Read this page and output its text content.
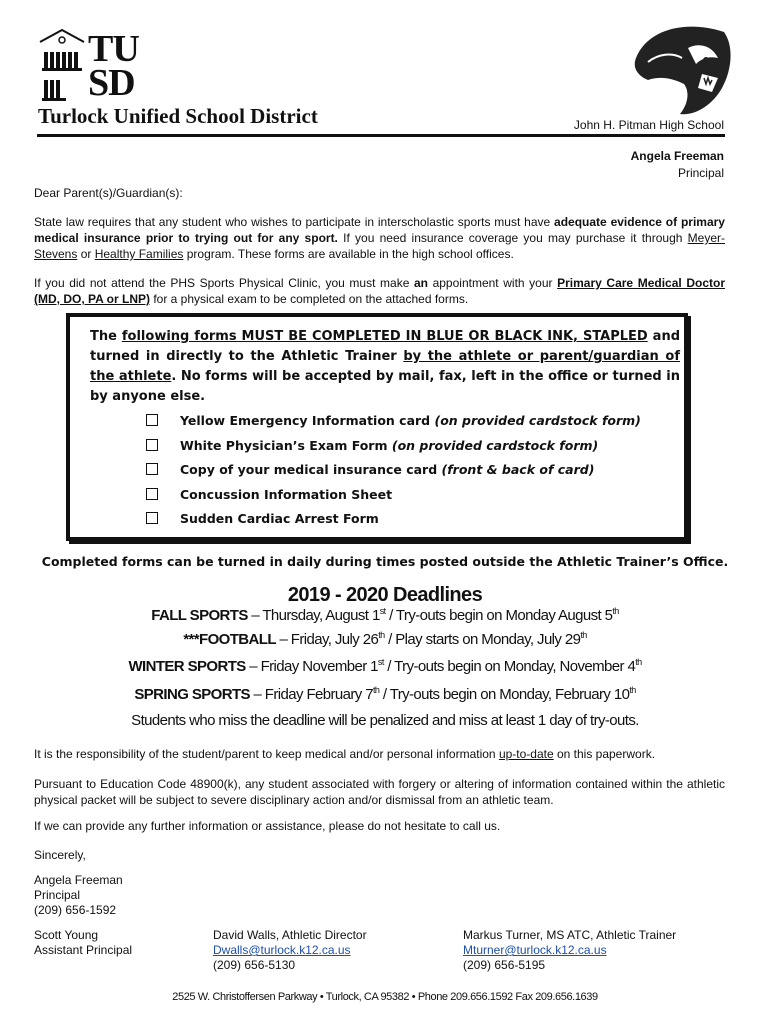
TU
SD
Turlock Unified School District	John H. Pitman High School
Angela Freeman
Principal
Dear Parent(s)/Guardian(s):
State law requires that any student who wishes to participate in interscholastic sports must have adequate evidence of primary medical insurance prior to trying out for any sport. If you need insurance coverage you may purchase it through Meyer-Stevens or Healthy Families program. These forms are available in the high school offices.
If you did not attend the PHS Sports Physical Clinic, you must make an appointment with your Primary Care Medical Doctor (MD, DO, PA or LNP) for a physical exam to be completed on the attached forms.
The following forms MUST BE COMPLETED IN BLUE OR BLACK INK, STAPLED and turned in directly to the Athletic Trainer by the athlete or parent/guardian of the athlete. No forms will be accepted by mail, fax, left in the office or turned in by anyone else.
Yellow Emergency Information card (on provided cardstock form)
White Physician’s Exam Form (on provided cardstock form)
Copy of your medical insurance card (front & back of card)
Concussion Information Sheet
Sudden Cardiac Arrest Form
Completed forms can be turned in daily during times posted outside the Athletic Trainer’s Office.
2019 - 2020 Deadlines
FALL SPORTS – Thursday, August 1st / Try-outs begin on Monday August 5th
***FOOTBALL – Friday, July 26th / Play starts on Monday, July 29th
WINTER SPORTS – Friday November 1st / Try-outs begin on Monday, November 4th
SPRING SPORTS – Friday February 7th / Try-outs begin on Monday, February 10th
Students who miss the deadline will be penalized and miss at least 1 day of try-outs.
It is the responsibility of the student/parent to keep medical and/or personal information up-to-date on this paperwork.
Pursuant to Education Code 48900(k), any student associated with forgery or altering of information contained within the athletic physical packet will be subject to severe disciplinary action and/or dismissal from an athletic team.
If we can provide any further information or assistance, please do not hesitate to call us.
Sincerely,
Angela Freeman
Principal
(209) 656-1592
Scott Young
Assistant Principal
David Walls, Athletic Director
Dwalls@turlock.k12.ca.us
(209) 656-5130
Markus Turner, MS ATC, Athletic Trainer
Mturner@turlock.k12.ca.us
(209) 656-5195
2525 W. Christoffersen Parkway • Turlock, CA 95382 • Phone 209.656.1592 Fax 209.656.1639
